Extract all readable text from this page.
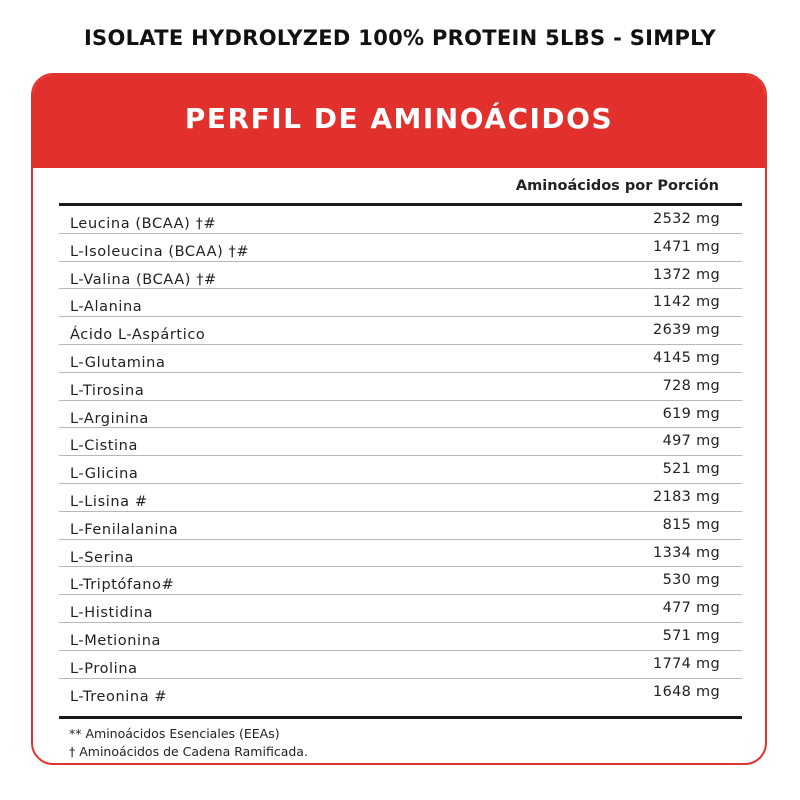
ISOLATE HYDROLYZED 100% PROTEIN 5LBS - SIMPLY
PERFIL DE AMINOÁCIDOS
Aminoácidos por Porción
Leucina (BCAA) †#	2532 mg
L-Isoleucina (BCAA) †#	1471 mg
L-Valina (BCAA) †#	1372 mg
L-Alanina	1142 mg
Ácido L-Aspártico	2639 mg
L-Glutamina	4145 mg
L-Tirosina	728 mg
L-Arginina	619 mg
L-Cistina	497 mg
L-Glicina	521 mg
L-Lisina #	2183 mg
L-Fenilalanina	815 mg
L-Serina	1334 mg
L-Triptófano#	530 mg
L-Histidina	477 mg
L-Metionina	571 mg
L-Prolina	1774 mg
L-Treonina #	1648 mg
** Aminoácidos Esenciales (EEAs)
† Aminoácidos de Cadena Ramificada.
